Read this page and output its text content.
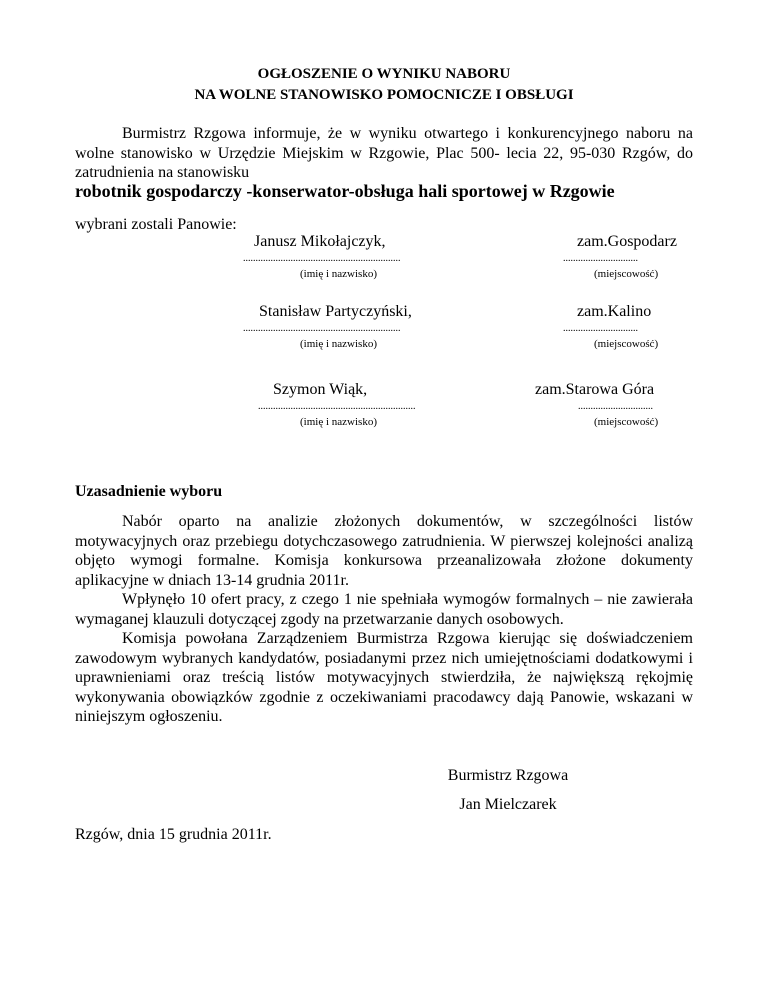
OGŁOSZENIE O WYNIKU NABORU
NA WOLNE STANOWISKO POMOCNICZE I OBSŁUGI

Burmistrz Rzgowa informuje, że w wyniku otwartego i konkurencyjnego naboru na wolne stanowisko w Urzędzie Miejskim w Rzgowie, Plac 500- lecia 22, 95-030 Rzgów, do zatrudnienia na stanowisku

robotnik gospodarczy -konserwator-obsługa hali sportowej w Rzgowie
wybrani zostali Panowie:
Janusz Mikołajczyk,	zam.Gospodarz
...............................................................	..............................
(imię i nazwisko)	(miejscowość)
Stanisław Partyczyński,	zam.Kalino
...............................................................	..............................
(imię i nazwisko)	(miejscowość)
Szymon Wiąk,	zam.Starowa Góra
...............................................................	..............................
(imię i nazwisko)	(miejscowość)
Uzasadnienie wyboru

Nabór oparto na analizie złożonych dokumentów, w szczególności listów motywacyjnych oraz przebiegu dotychczasowego zatrudnienia. W pierwszej kolejności analizą objęto wymogi formalne. Komisja konkursowa przeanalizowała złożone dokumenty aplikacyjne w dniach 13-14 grudnia 2011r.

Wpłynęło 10 ofert pracy, z czego 1 nie spełniała wymogów formalnych – nie zawierała wymaganej klauzuli dotyczącej zgody na przetwarzanie danych osobowych.

Komisja powołana Zarządzeniem Burmistrza Rzgowa kierując się doświadczeniem zawodowym wybranych kandydatów, posiadanymi przez nich umiejętnościami dodatkowymi i uprawnieniami oraz treścią listów motywacyjnych stwierdziła, że największą rękojmię wykonywania obowiązków zgodnie z oczekiwaniami pracodawcy dają Panowie, wskazani w niniejszym ogłoszeniu.

Burmistrz Rzgowa
Jan Mielczarek
Rzgów, dnia 15 grudnia 2011r.
